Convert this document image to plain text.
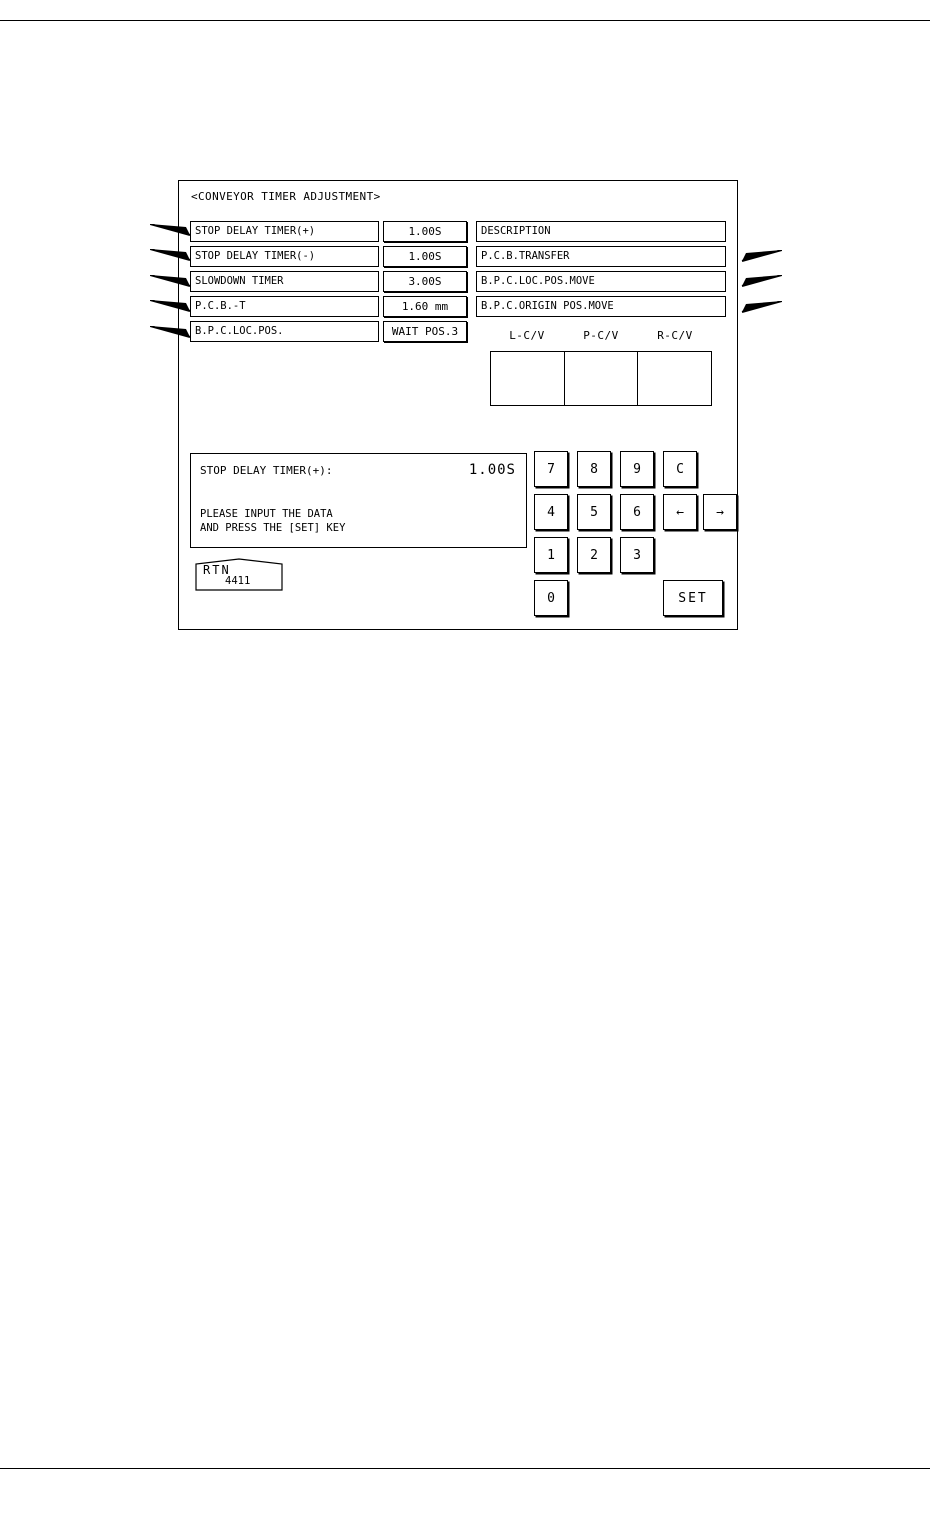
<CONVEYOR TIMER ADJUSTMENT>
STOP DELAY TIMER(+)	1.00S
STOP DELAY TIMER(-)	1.00S
SLOWDOWN TIMER	3.00S
P.C.B.-T	1.60 mm
B.P.C.LOC.POS.	WAIT POS.3
DESCRIPTION
P.C.B.TRANSFER
B.P.C.LOC.POS.MOVE
B.P.C.ORIGIN POS.MOVE
L-C/V	P-C/V	R-C/V
STOP DELAY TIMER(+):	1.00S
PLEASE INPUT THE DATA
AND PRESS THE [SET] KEY
RTN
4411
7	8	9	C
4	5	6	←	→
1	2	3
0	SET
